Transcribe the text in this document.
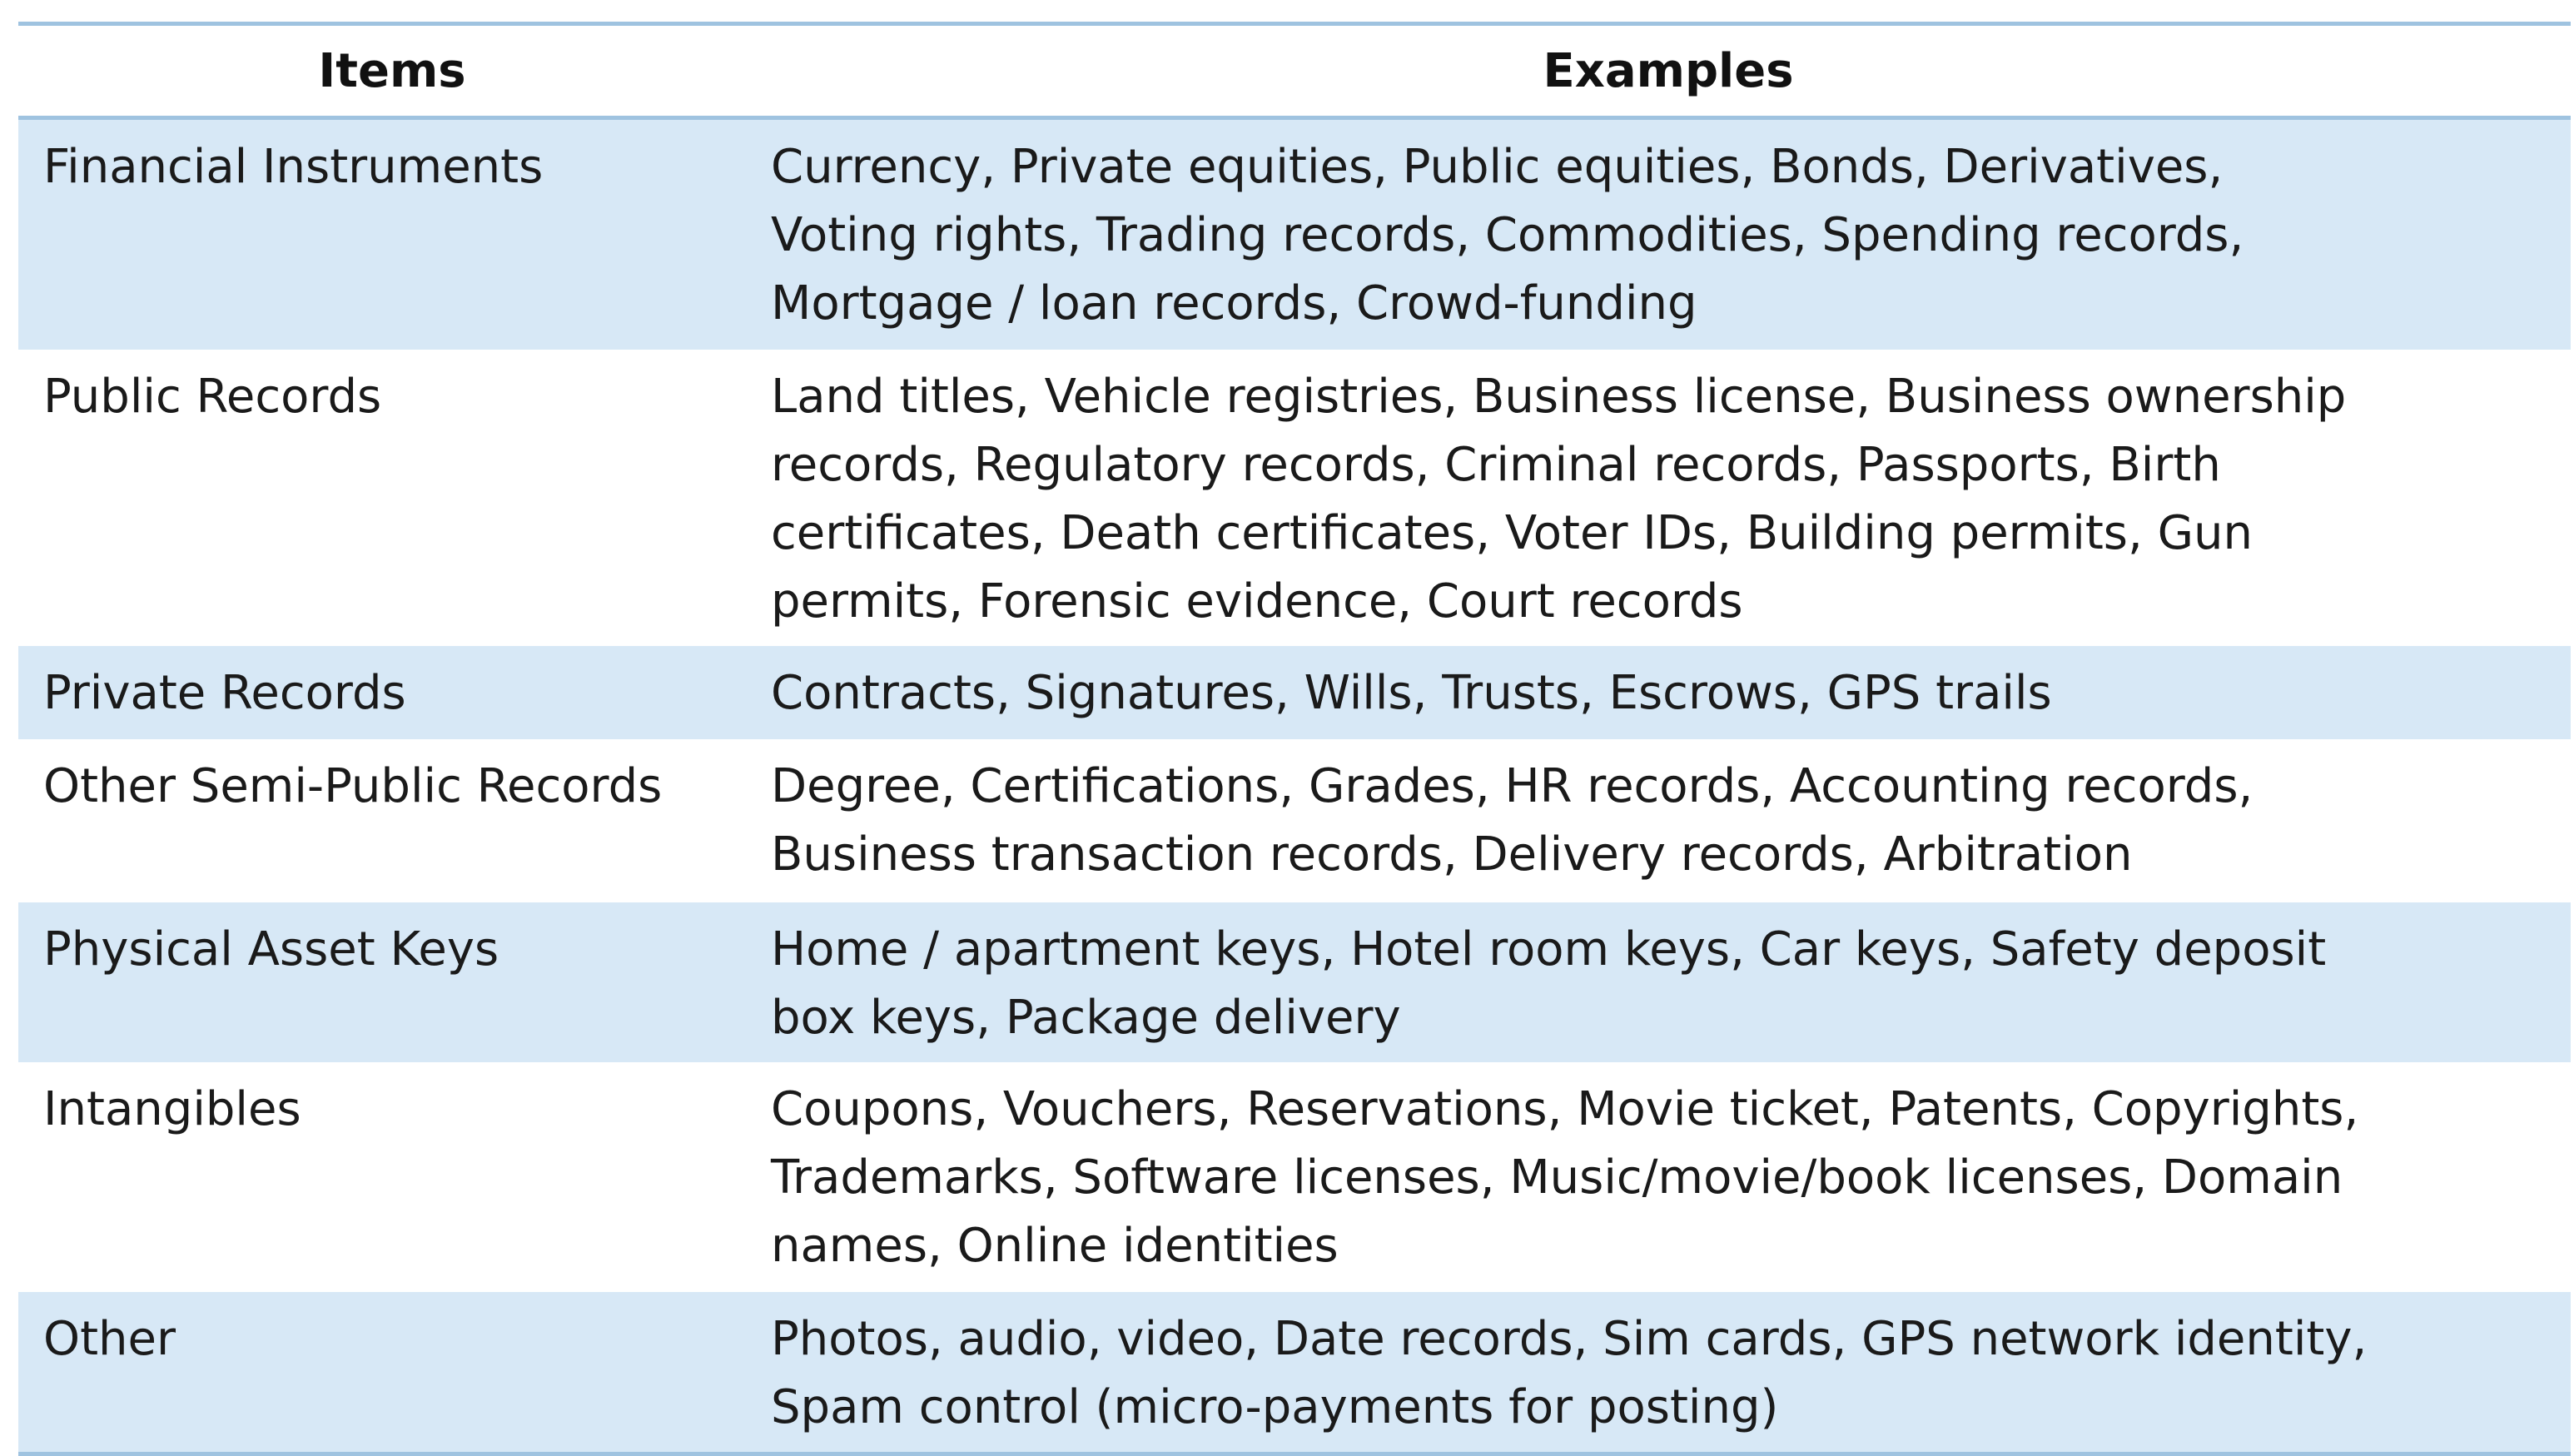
Items	Examples
Financial Instruments	Currency, Private equities, Public equities, Bonds, Derivatives,
Voting rights, Trading records, Commodities, Spending records,
Mortgage / loan records, Crowd-funding
Public Records	Land titles, Vehicle registries, Business license, Business ownership
records, Regulatory records, Criminal records, Passports, Birth
certificates, Death certificates, Voter IDs, Building permits, Gun
permits, Forensic evidence, Court records
Private Records	Contracts, Signatures, Wills, Trusts, Escrows, GPS trails
Other Semi-Public Records	Degree, Certifications, Grades, HR records, Accounting records,
Business transaction records, Delivery records, Arbitration
Physical Asset Keys	Home / apartment keys, Hotel room keys, Car keys, Safety deposit
box keys, Package delivery
Intangibles	Coupons, Vouchers, Reservations, Movie ticket, Patents, Copyrights,
Trademarks, Software licenses, Music/movie/book licenses, Domain
names, Online identities
Other	Photos, audio, video, Date records, Sim cards, GPS network identity,
Spam control (micro-payments for posting)
